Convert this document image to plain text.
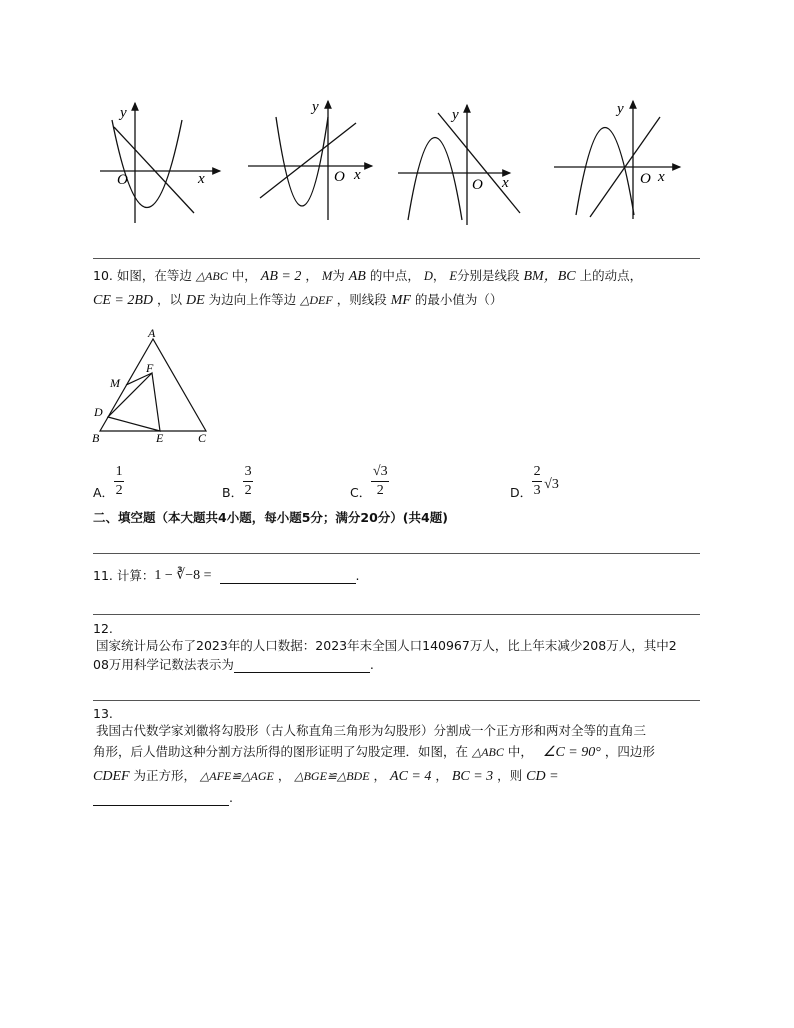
y
x
O
y
x
O
y
x
O
y
x
O
10. 如图，在等边 △ABC 中， AB = 2 ， M为 AB 的中点， D， E分别是线段 BM，BC 上的动点，
CE = 2BD ，以 DE 为边向上作等边 △DEF ，则线段 MF 的最小值为（）
A
B	C
D
E
F
M
A． $\frac{1}{2}$	B． $\frac{3}{2}$	C． $\frac{√3}{2}$	D． $\frac{2}{3} √3$
二、填空题（本大题共4小题，每小题5分；满分20分）(共4题)
11. 计算： 1 − ∛−8 =	.
12.
国家统计局公布了2023年的人口数据：2023年末全国人口140967万人，比上年末减少208万人，其中2
08万用科学记数法表示为	.
13.
我国古代数学家刘徽将勾股形（古人称直角三角形为勾股形）分割成一个正方形和两对全等的直角三
角形，后人借助这种分割方法所得的图形证明了勾股定理．如图，在 △ABC 中， ∠C = 90° ，四边形
CDEF 为正方形， △AFE≌△AGE ， △BGE≌△BDE ， AC = 4 ， BC = 3 ，则 CD =
.
